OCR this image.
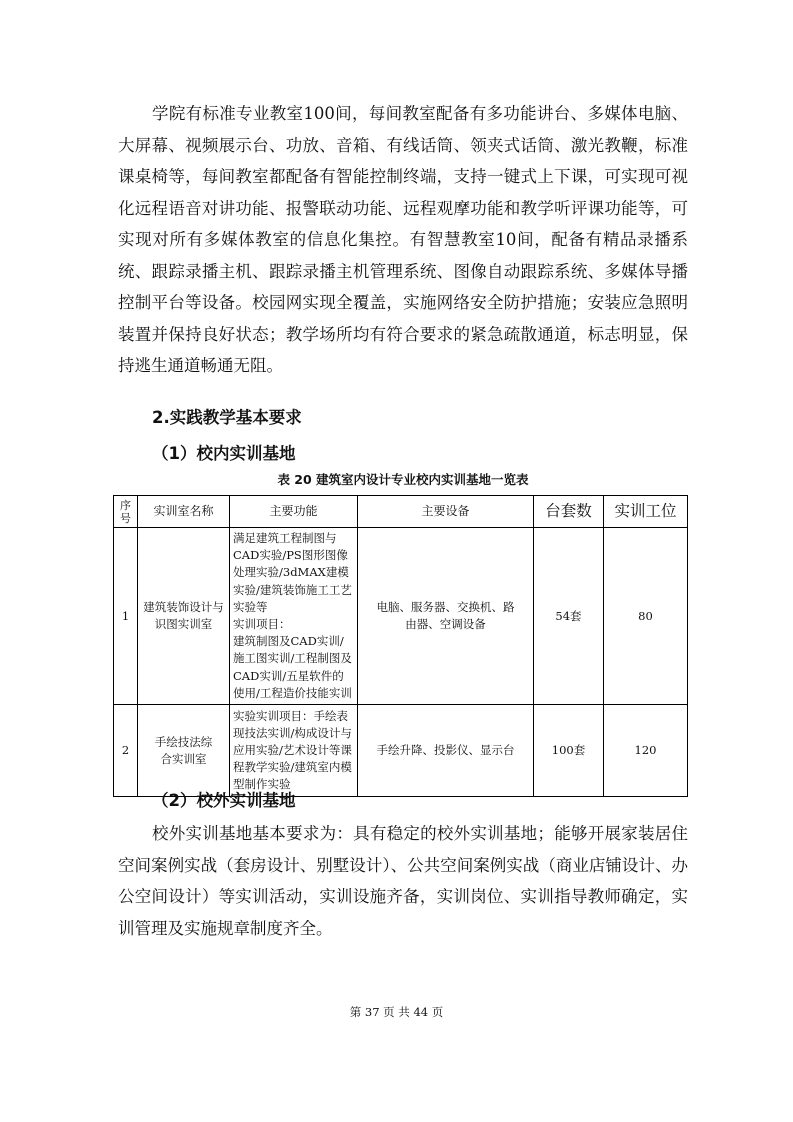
学院有标准专业教室100间，每间教室配备有多功能讲台、多媒体电脑、大屏幕、视频展示台、功放、音箱、有线话筒、领夹式话筒、激光教鞭，标准课桌椅等，每间教室都配备有智能控制终端，支持一键式上下课，可实现可视化远程语音对讲功能、报警联动功能、远程观摩功能和教学听评课功能等，可实现对所有多媒体教室的信息化集控。有智慧教室10间，配备有精品录播系统、跟踪录播主机、跟踪录播主机管理系统、图像自动跟踪系统、多媒体导播控制平台等设备。校园网实现全覆盖，实施网络安全防护措施；安装应急照明装置并保持良好状态；教学场所均有符合要求的紧急疏散通道，标志明显，保持逃生通道畅通无阻。

2.实践教学基本要求

（1）校内实训基地

表 20 建筑室内设计专业校内实训基地一览表
序号	实训室名称	主要功能	主要设备	台套数	实训工位
1	建筑装饰设计与识图实训室	满足建筑工程制图与CAD实验/PS图形图像处理实验/3dMAX建模实验/建筑装饰施工工艺实验等
实训项目：
建筑制图及CAD实训/施工图实训/工程制图及CAD实训/五星软件的使用/工程造价技能实训	电脑、服务器、交换机、路由器、空调设备	54套	80
2	手绘技法综合实训室	实验实训项目：手绘表现技法实训/构成设计与应用实验/艺术设计等课程教学实验/建筑室内模型制作实验	手绘升降、投影仪、显示台	100套	120

（2）校外实训基地

校外实训基地基本要求为：具有稳定的校外实训基地；能够开展家装居住空间案例实战（套房设计、别墅设计）、公共空间案例实战（商业店铺设计、办公空间设计）等实训活动，实训设施齐备，实训岗位、实训指导教师确定，实训管理及实施规章制度齐全。

第 37 页 共 44 页
